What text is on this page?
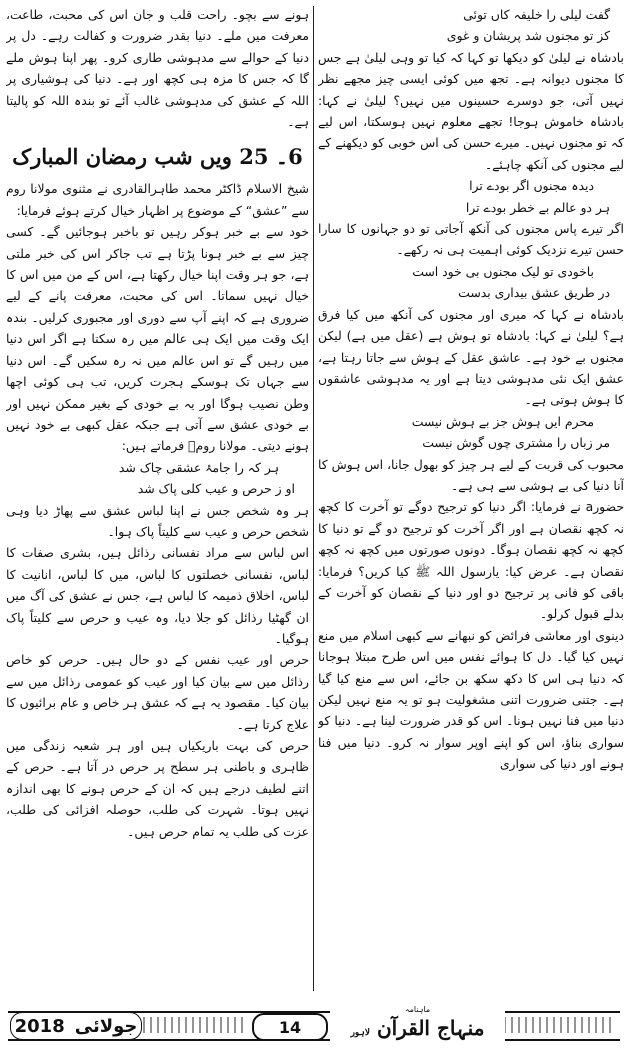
گفت لیلی را خلیفہ کاں توئی
کز تو مجنوں شد پریشان و غوی

بادشاہ نے لیلیٰ کو دیکھا تو کہا کہ کیا تو وہی لیلیٰ ہے جس کا مجنوں دیوانہ ہے۔ تجھ میں کوئی ایسی چیز مجھے نظر نہیں آتی، جو دوسرے حسینوں میں نہیں؟ لیلیٰ نے کہا: بادشاہ خاموش ہوجا! تجھے معلوم نہیں ہوسکتا، اس لیے کہ تو مجنوں نہیں۔ میرے حسن کی اس خوبی کو دیکھنے کے لیے مجنوں کی آنکھ چاہئے۔

دیدہ مجنوں اگر بودے ترا
ہر دو عالم بے خطر بودے ترا

اگر تیرے پاس مجنوں کی آنکھ آجاتی تو دو جہانوں کا سارا حسن تیرے نزدیک کوئی اہمیت ہی نہ رکھے۔

باخودی تو لیک مجنوں بی خود است
در طریق عشق بیداری بدست

بادشاہ نے کہا کہ میری اور مجنوں کی آنکھ میں کیا فرق ہے؟ لیلیٰ نے کہا: بادشاہ تو ہوش ہے (عقل میں ہے) لیکن مجنوں بے خود ہے۔ عاشق عقل کے ہوش سے جاتا رہتا ہے، عشق ایک نئی مدہوشی دیتا ہے اور یہ مدہوشی عاشقوں کا ہوش ہوتی ہے۔

محرم ایں ہوش جز بے ہوش نیست
مر زباں را مشتری چوں گوش نیست

محبوب کی قربت کے لیے ہر چیز کو بھول جانا، اس ہوش کا آنا دنیا کی بے ہوشی سے ہی ہے۔

حضورa نے فرمایا: اگر دنیا کو ترجیح دوگے تو آخرت کا کچھ نہ کچھ نقصان ہے اور اگر آخرت کو ترجیح دو گے تو دنیا کا کچھ نہ کچھ نقصان ہوگا۔ دونوں صورتوں میں کچھ نہ کچھ نقصان ہے۔ عرض کیا: یارسول اللہ ﷺ کیا کریں؟ فرمایا: باقی کو فانی پر ترجیح دو اور دنیا کے نقصان کو آخرت کے بدلے قبول کرلو۔

دینوی اور معاشی فرائض کو نبھانے سے کبھی اسلام میں منع نہیں کیا گیا۔ دل کا ہوائے نفس میں اس طرح مبتلا ہوجانا کہ دنیا ہی اس کا دکھ سکھ بن جائے، اس سے منع کیا گیا ہے۔ جتنی ضرورت اتنی مشغولیت ہو تو یہ منع نہیں لیکن دنیا میں فنا نہیں ہونا۔ اس کو قدر ضرورت لینا ہے۔ دنیا کو سواری بناؤ، اس کو اپنے اوپر سوار نہ کرو۔ دنیا میں فنا ہونے اور دنیا کی سواری

ہونے سے بچو۔ راحت قلب و جان اس کی محبت، طاعت، معرفت میں ملے۔ دنیا بقدر ضرورت و کفالت رہے۔ دل پر دنیا کے حوالے سے مدہوشی طاری کرو۔ پھر اپنا ہوش ملے گا کہ جس کا مزہ ہی کچھ اور ہے۔ دنیا کی ہوشیاری پر اللہ کے عشق کی مدہوشی غالب آئے تو بندہ اللہ کو پالیتا ہے۔

6۔ 25 ویں شب رمضان المبارک

شیخ الاسلام ڈاکٹر محمد طاہرالقادری نے مثنوی مولانا روم سے ”عشق“ کے موضوع پر اظہار خیال کرتے ہوئے فرمایا:

خود سے بے خبر ہوکر رہیں تو باخبر ہوجائیں گے۔ کسی چیز سے بے خبر ہونا پڑتا ہے تب جاکر اس کی خبر ملتی ہے، جو ہر وقت اپنا خیال رکھتا ہے، اس کے من میں اس کا خیال نہیں سماتا۔ اس کی محبت، معرفت پانے کے لیے ضروری ہے کہ اپنے آپ سے دوری اور مجبوری کرلیں۔ بندہ ایک وقت میں ایک ہی عالم میں رہ سکتا ہے اگر اس دنیا میں رہیں گے تو اس عالم میں نہ رہ سکیں گے۔ اس دنیا سے جہاں تک ہوسکے ہجرت کریں، تب ہی کوئی اچھا وطن نصیب ہوگا اور یہ بے خودی کے بغیر ممکن نہیں اور بے خودی عشق سے آتی ہے جبکہ عقل کبھی بے خود نہیں ہونے دیتی۔ مولانا رومؒ فرماتے ہیں:

ہر کہ را جامۂ عشقی چاک شد
او ز حرص و عیب کلی پاک شد

ہر وہ شخص جس نے اپنا لباس عشق سے پھاڑ دیا وہی شخص حرص و عیب سے کلیتاً پاک ہوا۔

اس لباس سے مراد نفسانی رذائل ہیں، بشری صفات کا لباس، نفسانی خصلتوں کا لباس، میں کا لباس، انانیت کا لباس، اخلاق ذمیمہ کا لباس ہے، جس نے عشق کی آگ میں ان گھٹیا رذائل کو جلا دیا، وہ عیب و حرص سے کلیتاً پاک ہوگیا۔

حرص اور عیب نفس کے دو حال ہیں۔ حرص کو خاص رذائل میں سے بیان کیا اور عیب کو عمومی رذائل میں سے بیان کیا۔ مقصود یہ ہے کہ عشق ہر خاص و عام برائیوں کا علاج کرتا ہے۔

حرص کی بہت باریکیاں ہیں اور ہر شعبہ زندگی میں ظاہری و باطنی ہر سطح پر حرص در آتا ہے۔ حرص کے اتنے لطیف درجے ہیں کہ ان کے حرص ہونے کا بھی اندازہ نہیں ہوتا۔ شہرت کی طلب، حوصلہ افزائی کی طلب، عزت کی طلب یہ تمام حرص ہیں۔

جولائی
2018	14
ماہنامہ
منہاج القرآن لاہور
